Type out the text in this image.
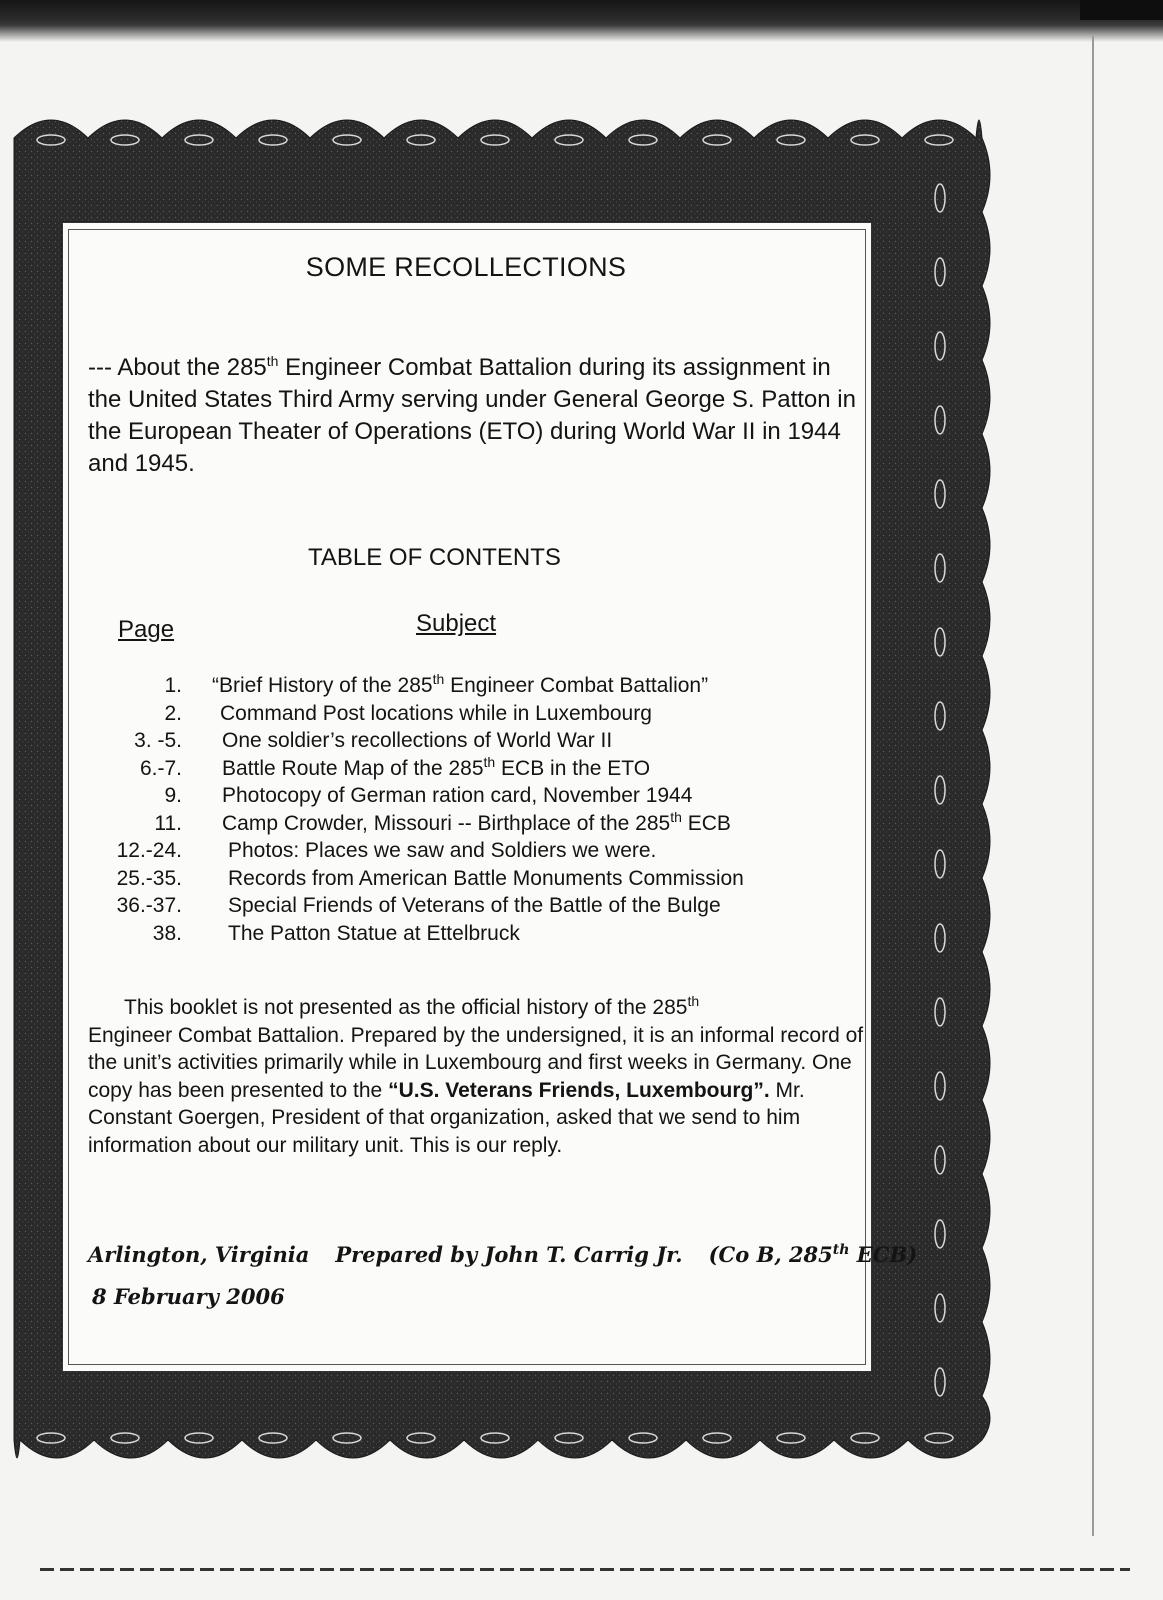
SOME RECOLLECTIONS
--- About the 285th Engineer Combat Battalion during its assignment in the United States Third Army serving under General George S. Patton in the European Theater of Operations (ETO) during World War II in 1944 and 1945.
TABLE OF CONTENTS
Page	Subject
1. “Brief History of the 285th Engineer Combat Battalion”
2. Command Post locations while in Luxembourg
3. -5. One soldier’s recollections of World War II
6.-7. Battle Route Map of the 285th ECB in the ETO
9. Photocopy of German ration card, November 1944
11. Camp Crowder, Missouri -- Birthplace of the 285th ECB
12.-24. Photos: Places we saw and Soldiers we were.
25.-35. Records from American Battle Monuments Commission
36.-37. Special Friends of Veterans of the Battle of the Bulge
38. The Patton Statue at Ettelbruck
This booklet is not presented as the official history of the 285th
Engineer Combat Battalion. Prepared by the undersigned, it is an informal record of the unit’s activities primarily while in Luxembourg and first weeks in Germany. One copy has been presented to the “U.S. Veterans Friends, Luxembourg”. Mr. Constant Goergen, President of that organization, asked that we send to him information about our military unit. This is our reply.
Arlington, Virginia Prepared by John T. Carrig Jr. (Co B, 285th ECB)
8 February 2006
